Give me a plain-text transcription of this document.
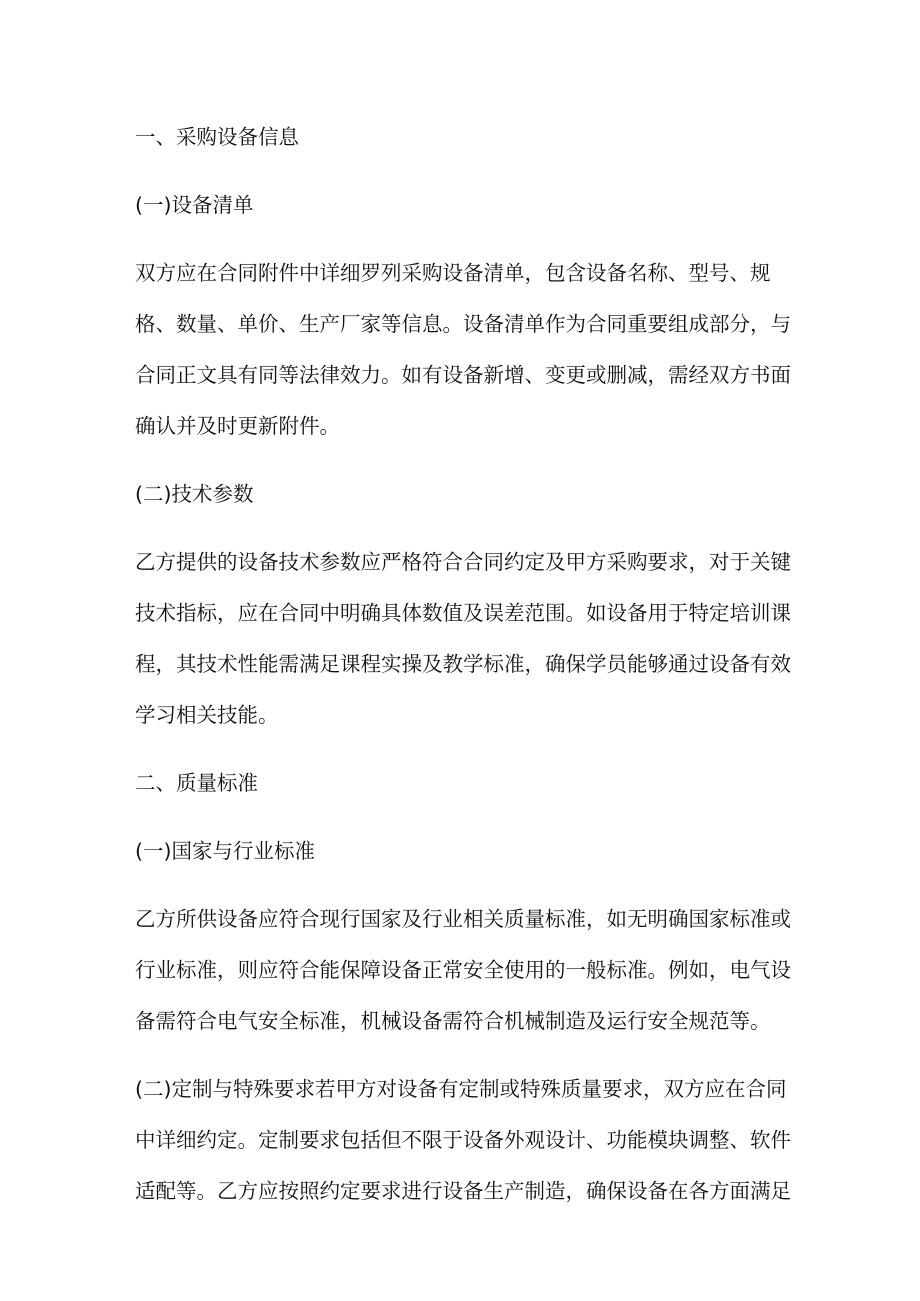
一、采购设备信息
(一)设备清单
双方应在合同附件中详细罗列采购设备清单，包含设备名称、型号、规
格、数量、单价、生产厂家等信息。设备清单作为合同重要组成部分，与
合同正文具有同等法律效力。如有设备新增、变更或删减，需经双方书面
确认并及时更新附件。
(二)技术参数
乙方提供的设备技术参数应严格符合合同约定及甲方采购要求，对于关键
技术指标，应在合同中明确具体数值及误差范围。如设备用于特定培训课
程，其技术性能需满足课程实操及教学标准，确保学员能够通过设备有效
学习相关技能。
二、质量标准
(一)国家与行业标准
乙方所供设备应符合现行国家及行业相关质量标准，如无明确国家标准或
行业标准，则应符合能保障设备正常安全使用的一般标准。例如，电气设
备需符合电气安全标准，机械设备需符合机械制造及运行安全规范等。
(二)定制与特殊要求若甲方对设备有定制或特殊质量要求，双方应在合同
中详细约定。定制要求包括但不限于设备外观设计、功能模块调整、软件
适配等。乙方应按照约定要求进行设备生产制造，确保设备在各方面满足
